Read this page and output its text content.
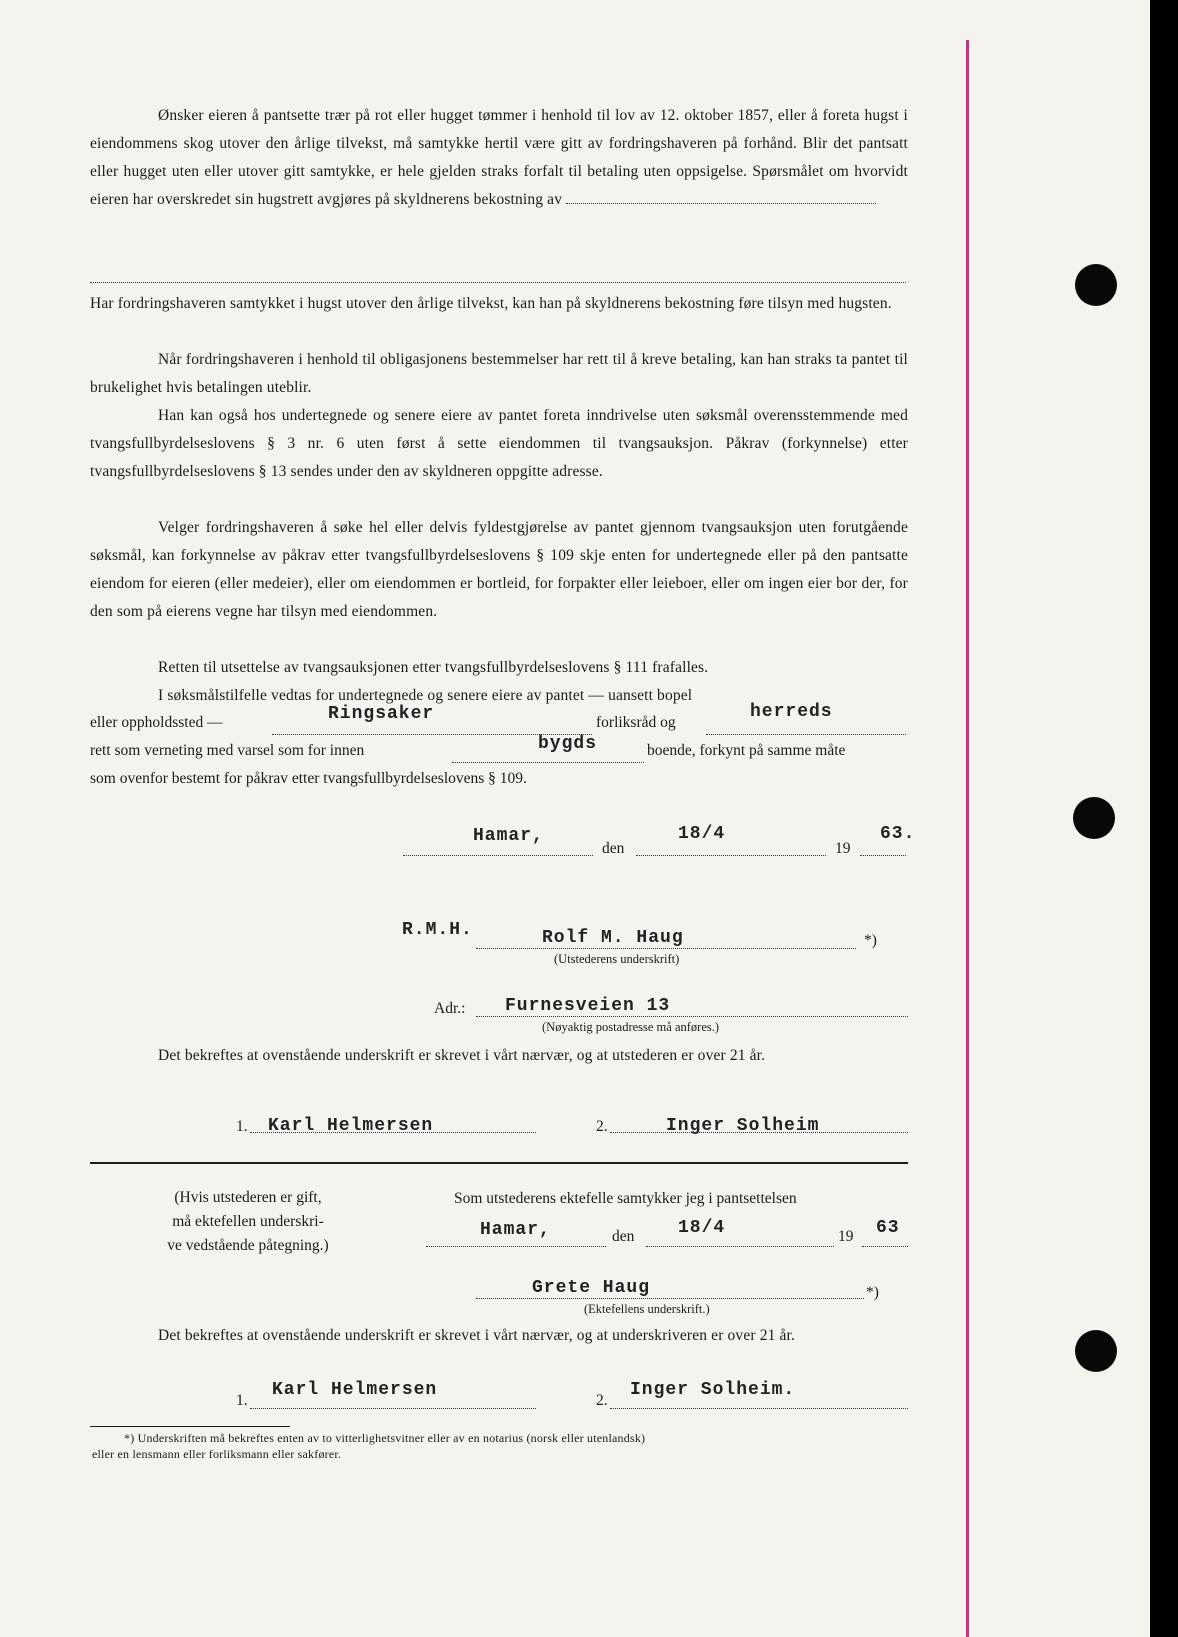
Ønsker eieren å pantsette trær på rot eller hugget tømmer i henhold til lov av 12. oktober 1857, eller å foreta hugst i eiendommens skog utover den årlige tilvekst, må samtykke hertil være gitt av fordringshaveren på forhånd. Blir det pantsatt eller hugget uten eller utover gitt samtykke, er hele gjelden straks forfalt til betaling uten oppsigelse. Spørsmålet om hvorvidt eieren har overskredet sin hugstrett avgjøres på skyldnerens bekostning av

Har fordringshaveren samtykket i hugst utover den årlige tilvekst, kan han på skyldnerens bekostning føre tilsyn med hugsten.

Når fordringshaveren i henhold til obligasjonens bestemmelser har rett til å kreve betaling, kan han straks ta pantet til brukelighet hvis betalingen uteblir.

Han kan også hos undertegnede og senere eiere av pantet foreta inndrivelse uten søksmål overensstemmende med tvangsfullbyrdelseslovens § 3 nr. 6 uten først å sette eiendommen til tvangsauksjon. Påkrav (forkynnelse) etter tvangsfullbyrdelseslovens § 13 sendes under den av skyldneren oppgitte adresse.

Velger fordringshaveren å søke hel eller delvis fyldestgjørelse av pantet gjennom tvangsauksjon uten forutgående søksmål, kan forkynnelse av påkrav etter tvangsfullbyrdelseslovens § 109 skje enten for undertegnede eller på den pantsatte eiendom for eieren (eller medeier), eller om eiendommen er bortleid, for forpakter eller leieboer, eller om ingen eier bor der, for den som på eierens vegne har tilsyn med eiendommen.

Retten til utsettelse av tvangsauksjonen etter tvangsfullbyrdelseslovens § 111 frafalles.

I søksmålstilfelle vedtas for undertegnede og senere eiere av pantet — uansett bopel

eller oppholdssted —	Ringsaker	forliksråd og
herreds
rett som verneting med varsel som for innen	bygds	boende, forkynt på samme måte
som ovenfor bestemt for påkrav etter tvangsfullbyrdelseslovens § 109.
Hamar,
den
18/4
19
63.
R.M.H.	Rolf M. Haug	*)
(Utstederens underskrift)
Adr.: Furnesveien 13
(Nøyaktig postadresse må anføres.)

Det bekreftes at ovenstående underskrift er skrevet i vårt nærvær, og at utstederen er over 21 år.

1. Karl Helmersen	2.	Inger Solheim
(Hvis utstederen er gift,
må ektefellen underskri-
ve vedstående påtegning.)
Som utstederens ektefelle samtykker jeg i pantsettelsen
Hamar,	den 18/4	19 63
Grete Haug	*)
(Ektefellens underskrift.)

Det bekreftes at ovenstående underskrift er skrevet i vårt nærvær, og at underskriveren er over 21 år.

1.
Karl Helmersen
2.
Inger Solheim.
*) Underskriften må bekreftes enten av to vitterlighetsvitner eller av en notarius (norsk eller utenlandsk)
eller en lensmann eller forliksmann eller sakfører.
